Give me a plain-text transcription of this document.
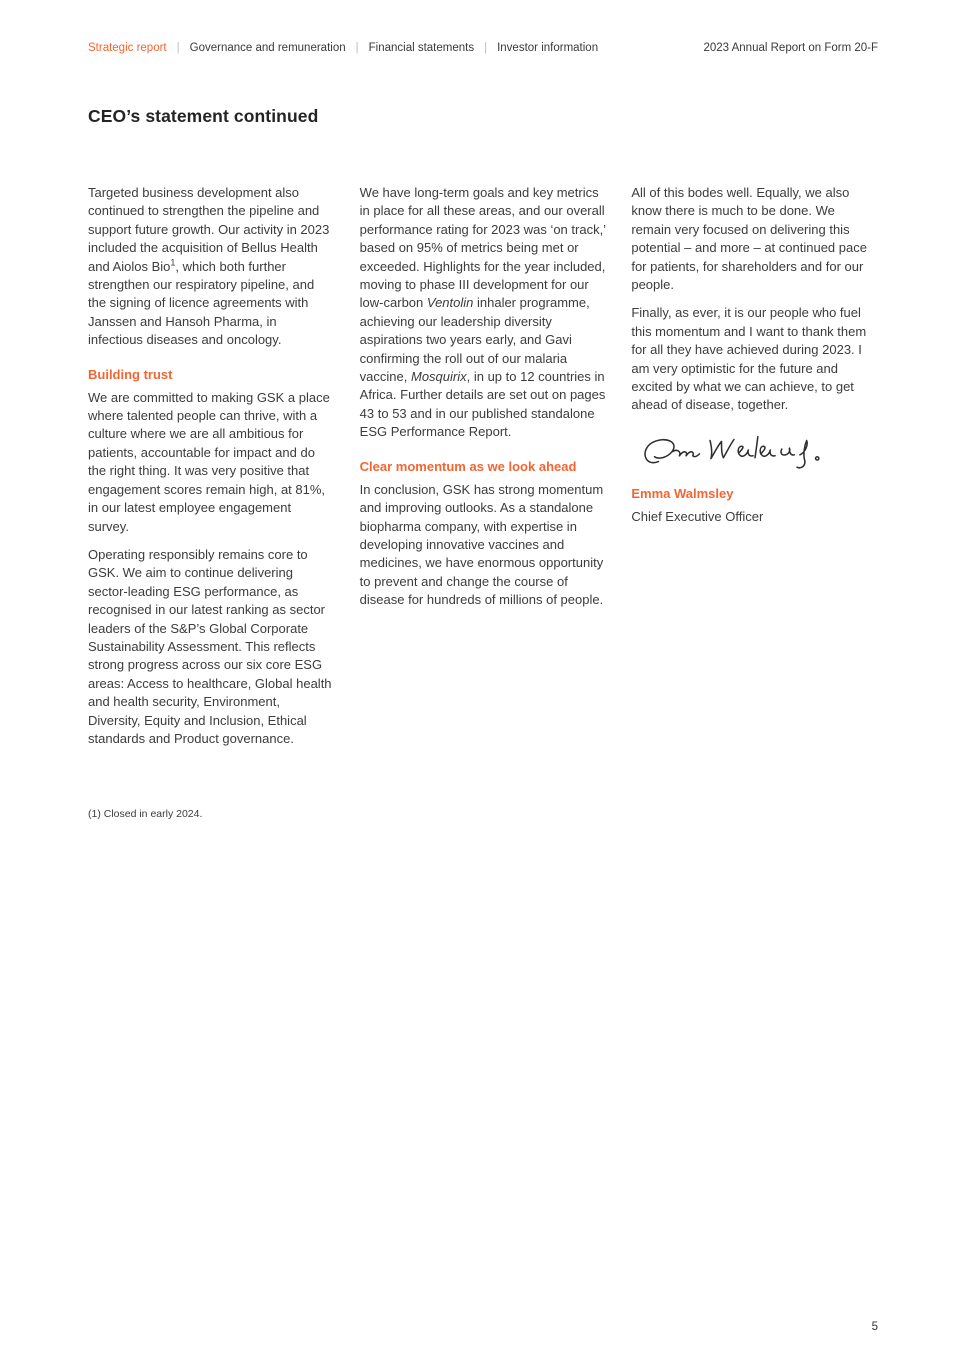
Strategic report | Governance and remuneration | Financial statements | Investor information	2023 Annual Report on Form 20-F
CEO’s statement continued

Targeted business development also continued to strengthen the pipeline and support future growth. Our activity in 2023 included the acquisition of Bellus Health and Aiolos Bio$^1$, which both further strengthen our respiratory pipeline, and the signing of licence agreements with Janssen and Hansoh Pharma, in infectious diseases and oncology.

Building trust

We are committed to making GSK a place where talented people can thrive, with a culture where we are all ambitious for patients, accountable for impact and do the right thing. It was very positive that engagement scores remain high, at 81%, in our latest employee engagement survey.

Operating responsibly remains core to GSK. We aim to continue delivering sector-leading ESG performance, as recognised in our latest ranking as sector leaders of the S&P’s Global Corporate Sustainability Assessment. This reflects strong progress across our six core ESG areas: Access to healthcare, Global health and health security, Environment, Diversity, Equity and Inclusion, Ethical standards and Product governance.

We have long-term goals and key metrics in place for all these areas, and our overall performance rating for 2023 was ‘on track,’ based on 95% of metrics being met or exceeded. Highlights for the year included, moving to phase III development for our low-carbon Ventolin inhaler programme, achieving our leadership diversity aspirations two years early, and Gavi confirming the roll out of our malaria vaccine, Mosquirix, in up to 12 countries in Africa. Further details are set out on pages 43 to 53 and in our published standalone ESG Performance Report.

Clear momentum as we look ahead

In conclusion, GSK has strong momentum and improving outlooks. As a standalone biopharma company, with expertise in developing innovative vaccines and medicines, we have enormous opportunity to prevent and change the course of disease for hundreds of millions of people.

All of this bodes well. Equally, we also know there is much to be done. We remain very focused on delivering this potential – and more – at continued pace for patients, for shareholders and for our people.

Finally, as ever, it is our people who fuel this momentum and I want to thank them for all they have achieved during 2023. I am very optimistic for the future and excited by what we can achieve, to get ahead of disease, together.

Emma Walmsley
Chief Executive Officer
(1) Closed in early 2024.
5
